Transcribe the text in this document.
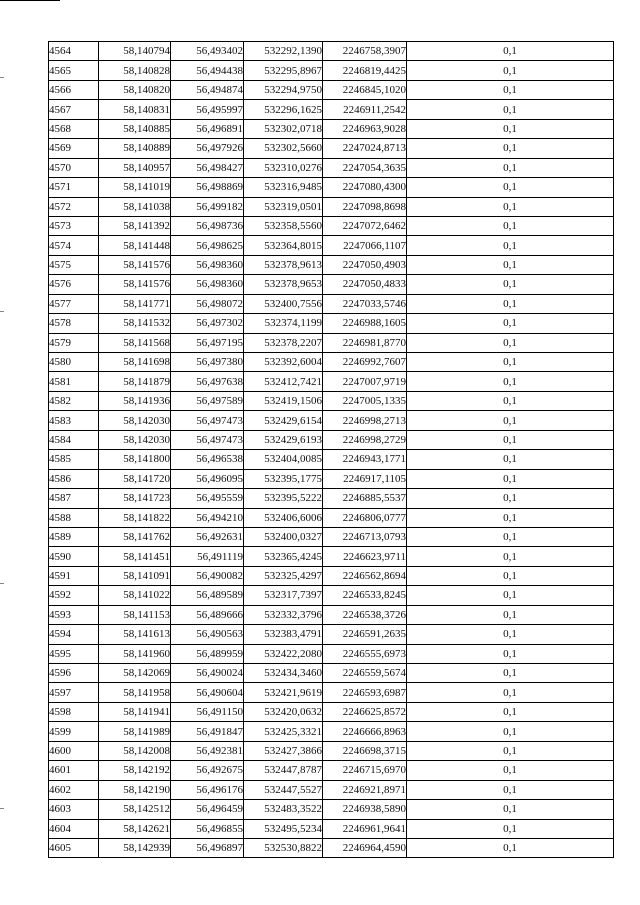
4564	58,140794	56,493402	532292,1390	2246758,3907	0,1
4565	58,140828	56,494438	532295,8967	2246819,4425	0,1
4566	58,140820	56,494874	532294,9750	2246845,1020	0,1
4567	58,140831	56,495997	532296,1625	2246911,2542	0,1
4568	58,140885	56,496891	532302,0718	2246963,9028	0,1
4569	58,140889	56,497926	532302,5660	2247024,8713	0,1
4570	58,140957	56,498427	532310,0276	2247054,3635	0,1
4571	58,141019	56,498869	532316,9485	2247080,4300	0,1
4572	58,141038	56,499182	532319,0501	2247098,8698	0,1
4573	58,141392	56,498736	532358,5560	2247072,6462	0,1
4574	58,141448	56,498625	532364,8015	2247066,1107	0,1
4575	58,141576	56,498360	532378,9613	2247050,4903	0,1
4576	58,141576	56,498360	532378,9653	2247050,4833	0,1
4577	58,141771	56,498072	532400,7556	2247033,5746	0,1
4578	58,141532	56,497302	532374,1199	2246988,1605	0,1
4579	58,141568	56,497195	532378,2207	2246981,8770	0,1
4580	58,141698	56,497380	532392,6004	2246992,7607	0,1
4581	58,141879	56,497638	532412,7421	2247007,9719	0,1
4582	58,141936	56,497589	532419,1506	2247005,1335	0,1
4583	58,142030	56,497473	532429,6154	2246998,2713	0,1
4584	58,142030	56,497473	532429,6193	2246998,2729	0,1
4585	58,141800	56,496538	532404,0085	2246943,1771	0,1
4586	58,141720	56,496095	532395,1775	2246917,1105	0,1
4587	58,141723	56,495559	532395,5222	2246885,5537	0,1
4588	58,141822	56,494210	532406,6006	2246806,0777	0,1
4589	58,141762	56,492631	532400,0327	2246713,0793	0,1
4590	58,141451	56,491119	532365,4245	2246623,9711	0,1
4591	58,141091	56,490082	532325,4297	2246562,8694	0,1
4592	58,141022	56,489589	532317,7397	2246533,8245	0,1
4593	58,141153	56,489666	532332,3796	2246538,3726	0,1
4594	58,141613	56,490563	532383,4791	2246591,2635	0,1
4595	58,141960	56,489959	532422,2080	2246555,6973	0,1
4596	58,142069	56,490024	532434,3460	2246559,5674	0,1
4597	58,141958	56,490604	532421,9619	2246593,6987	0,1
4598	58,141941	56,491150	532420,0632	2246625,8572	0,1
4599	58,141989	56,491847	532425,3321	2246666,8963	0,1
4600	58,142008	56,492381	532427,3866	2246698,3715	0,1
4601	58,142192	56,492675	532447,8787	2246715,6970	0,1
4602	58,142190	56,496176	532447,5527	2246921,8971	0,1
4603	58,142512	56,496459	532483,3522	2246938,5890	0,1
4604	58,142621	56,496855	532495,5234	2246961,9641	0,1
4605	58,142939	56,496897	532530,8822	2246964,4590	0,1
